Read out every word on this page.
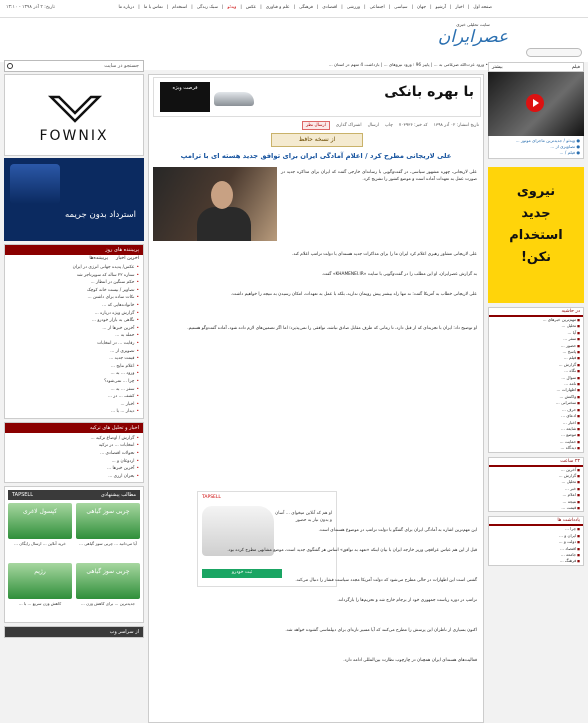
صفحه اول
|
اخبار
|
آرشیو
|
جهان
|
سیاسی
|
اجتماعی
|
ورزشی
|
اقتصادی
|
فرهنگی
|
علم و فناوری
|
عکس
|
ویدئو
|
سبک زندگی
|
استخدام
|
تماس با ما
|
درباره ما
تاریخ: ۲ آذر ۱۳۹۸ - ۱۳:۱۰
سایت تحلیلی خبری
عصرایران
• ورود عزت‌الله ضرغامی به ... | پاییز 96 ؛ ورود نیروهای ... | بازداشت 4 متهم در استان ...
جستجو در سایت
FOWNIX
استرداد بدون جریمه
پربیننده های روز
آخرین اخبار
پربیننده‌ها
• عکس/ پدیده جهانی انرژی در ایران
• ستاره ۲۲ ساله که سوپرتاجر شد
• حکم سنگین در انتظار ...
• تصاویر / بیست خانه کوچک
• نکات ساده برای داشتن ...
• خانواده‌هایی که ...
• گزارش ویژه درباره ...
• نگاهی به بازار خودرو ...
• آخرین خبرها از ...
• حمله به ...
• رقابت ... در انتخابات
• تصویری از ...
• قیمت جدید ...
• اعلام نتایج ...
• ورود ... به ...
• چرا ... نمی‌شود؟
• سفر ... به ...
• کشف ... در ...
• اخبار ...
• دیدار ... با ...
اخبار و تحلیل های ترکیه
• گزارش / اوضاع ترکیه ...
• انتخابات ... در ترکیه
• تحولات اقتصادی ...
• اردوغان و ...
• آخرین خبرها ...
• بحران ارزی ...
مطالب پیشنهادی
TAPSELL
چربی سوز گیاهی
آیا می‌دانید ... چربی سوز گیاهی ...
کپسول لاغری
خرید آنلاین ... ارسال رایگان ...
چربی سوز گیاهی
جدیدترین ... برای کاهش وزن ...
رژیم
کاهش وزن سریع ... با ...
از سراسر وب
فیلم
بیشتر
● ویدئو / جدیدترین ماجرای موتور ...
● تصاویری از ...
● فیلم / ...
نیروی
جدید
استخدام
نکن!
در حاشیه
■ مهم‌ترین خبرهای ...
■ تحلیل ...
■ آیا ...
■ سفر ...
■ حضور ...
■ پاسخ ...
■ فیلم ...
■ گزارش ...
■ نگاه ...
■ سوال ...
■ نامه ...
■ اظهارات ...
■ واکنش ...
■ سخنرانی ...
■ حرف ...
■ ادعای ...
■ اخبار ...
■ شایعه ...
■ موضع ...
■ حمایت ...
■ دیدگاه ...
۲۴ ساعت
■ آخرین ...
■ گزارش ...
■ تحلیل ...
■ خبر ...
■ اعلام ...
■ نتیجه ...
■ قیمت ...
یادداشت ها
■ چرا ...
■ ایران و ...
■ دولت و ...
■ اقتصاد ...
■ جامعه ...
■ فرهنگ ...
با بهره بانکی
فرصت ویژه
تاریخ انتشار: ۰۲ آذر ۱۳۹۸
کد خبر: ۷۰۳۹۳۶
چاپ
ارسال
اشتراک گذاری
ارسال نظر
از نسخه حافظ
علی لاریجانی مطرح کرد / اعلام آمادگی ایران برای توافق جدید هسته ای با ترامپ
علی لاریجانی، چهره مشهور سیاسی، در گفت‌وگویی با رسانه‌ای خارجی گفت که ایران برای مذاکره جدید در صورت عمل به تعهدات آماده است و موضع کشور را تشریح کرد.
علی لاریجانی مشاور رهبری اعلام کرد ایران ما را برای مذاکرات جدید هسته‌ای با دولت ترامپ اعلام کند.
به گزارش عصرایران، او این مطلب را در گفت‌وگویی با سایت «KHAMENEI.IR» گفت.
علی لاریجانی خطاب به آمریکا گفت: نه تنها راه بیشتر پیش رویمان ندارید، بلکه با عمل به تعهدات، امکان رسیدن به نتیجه را خواهیم داشت.
او توضیح داد: ایران با تجربه‌ای که از قبل دارد، تا زمانی که طرف مقابل صادق نباشد، توافقی را نمی‌پذیرد؛ اما اگر تضمین‌های لازم داده شود، آماده گفت‌وگو هستیم.
TAPSELL
او هم که آنلاین میخوای ... آسان و بدون نیاز به حضور
ثبت خودرو
این مهم‌ترین اشاره به آمادگی ایران برای گفتگو با دولت ترامپ در موضوع هسته‌ای است.
قبل از این هم عباس عراقچی وزیر خارجه ایران با بیان اینکه «تعهد به توافق» اساس هر گفتگوی جدید است، موضع مشابهی مطرح کرده بود.
گفتنی است این اظهارات در حالی مطرح می‌شود که دولت آمریکا مجدد سیاست فشار را دنبال می‌کند.
ترامپ در دوره ریاست جمهوری خود از برجام خارج شد و تحریم‌ها را بازگرداند.
اکنون بسیاری از ناظران این پرسش را مطرح می‌کنند که آیا مسیر تازه‌ای برای دیپلماسی گشوده خواهد شد.
فعالیت‌های هسته‌ای ایران همچنان در چارچوب نظارت بین‌المللی ادامه دارد.
